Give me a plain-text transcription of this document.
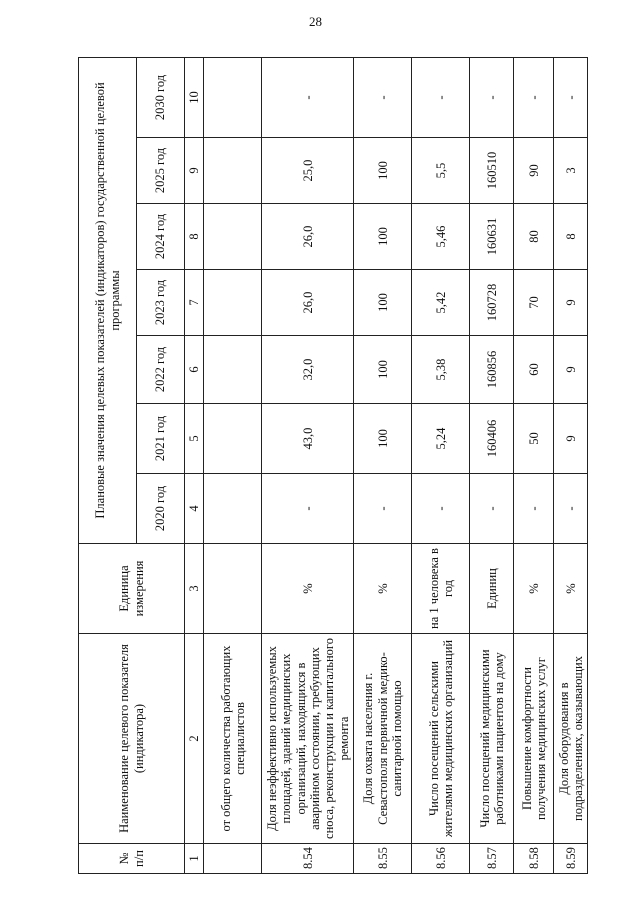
28
№ п/п	Наименование целевого показателя (индикатора)	Единица измерения	Плановые значения целевых показателей (индикаторов) государственной целевой программы						
			2020 год	2021 год	2022 год	2023 год	2024 год	2025 год	2030 год
1	2	3	4	5	6	7	8	9	10
	от общего количества работающих специалистов								
8.54	Доля неэффективно используемых площадей, зданий медицинских организаций, находящихся в аварийном состоянии, требующих сноса, реконструкции и капитального ремонта	%	-	43,0	32,0	26,0	26,0	25,0	-
8.55	Доля охвата населения г. Севастополя первичной медико-санитарной помощью	%	-	100	100	100	100	100	-
8.56	Число посещений сельскими жителями медицинских организаций	на 1 человека в год	-	5,24	5,38	5,42	5,46	5,5	-
8.57	Число посещений медицинскими работниками пациентов на дому	Единиц	-	160406	160856	160728	160631	160510	-
8.58	Повышение комфортности получения медицинских услуг	%	-	50	60	70	80	90	-
8.59	Доля оборудования в подразделениях, оказывающих	%	-	9	9	9	8	3	-
